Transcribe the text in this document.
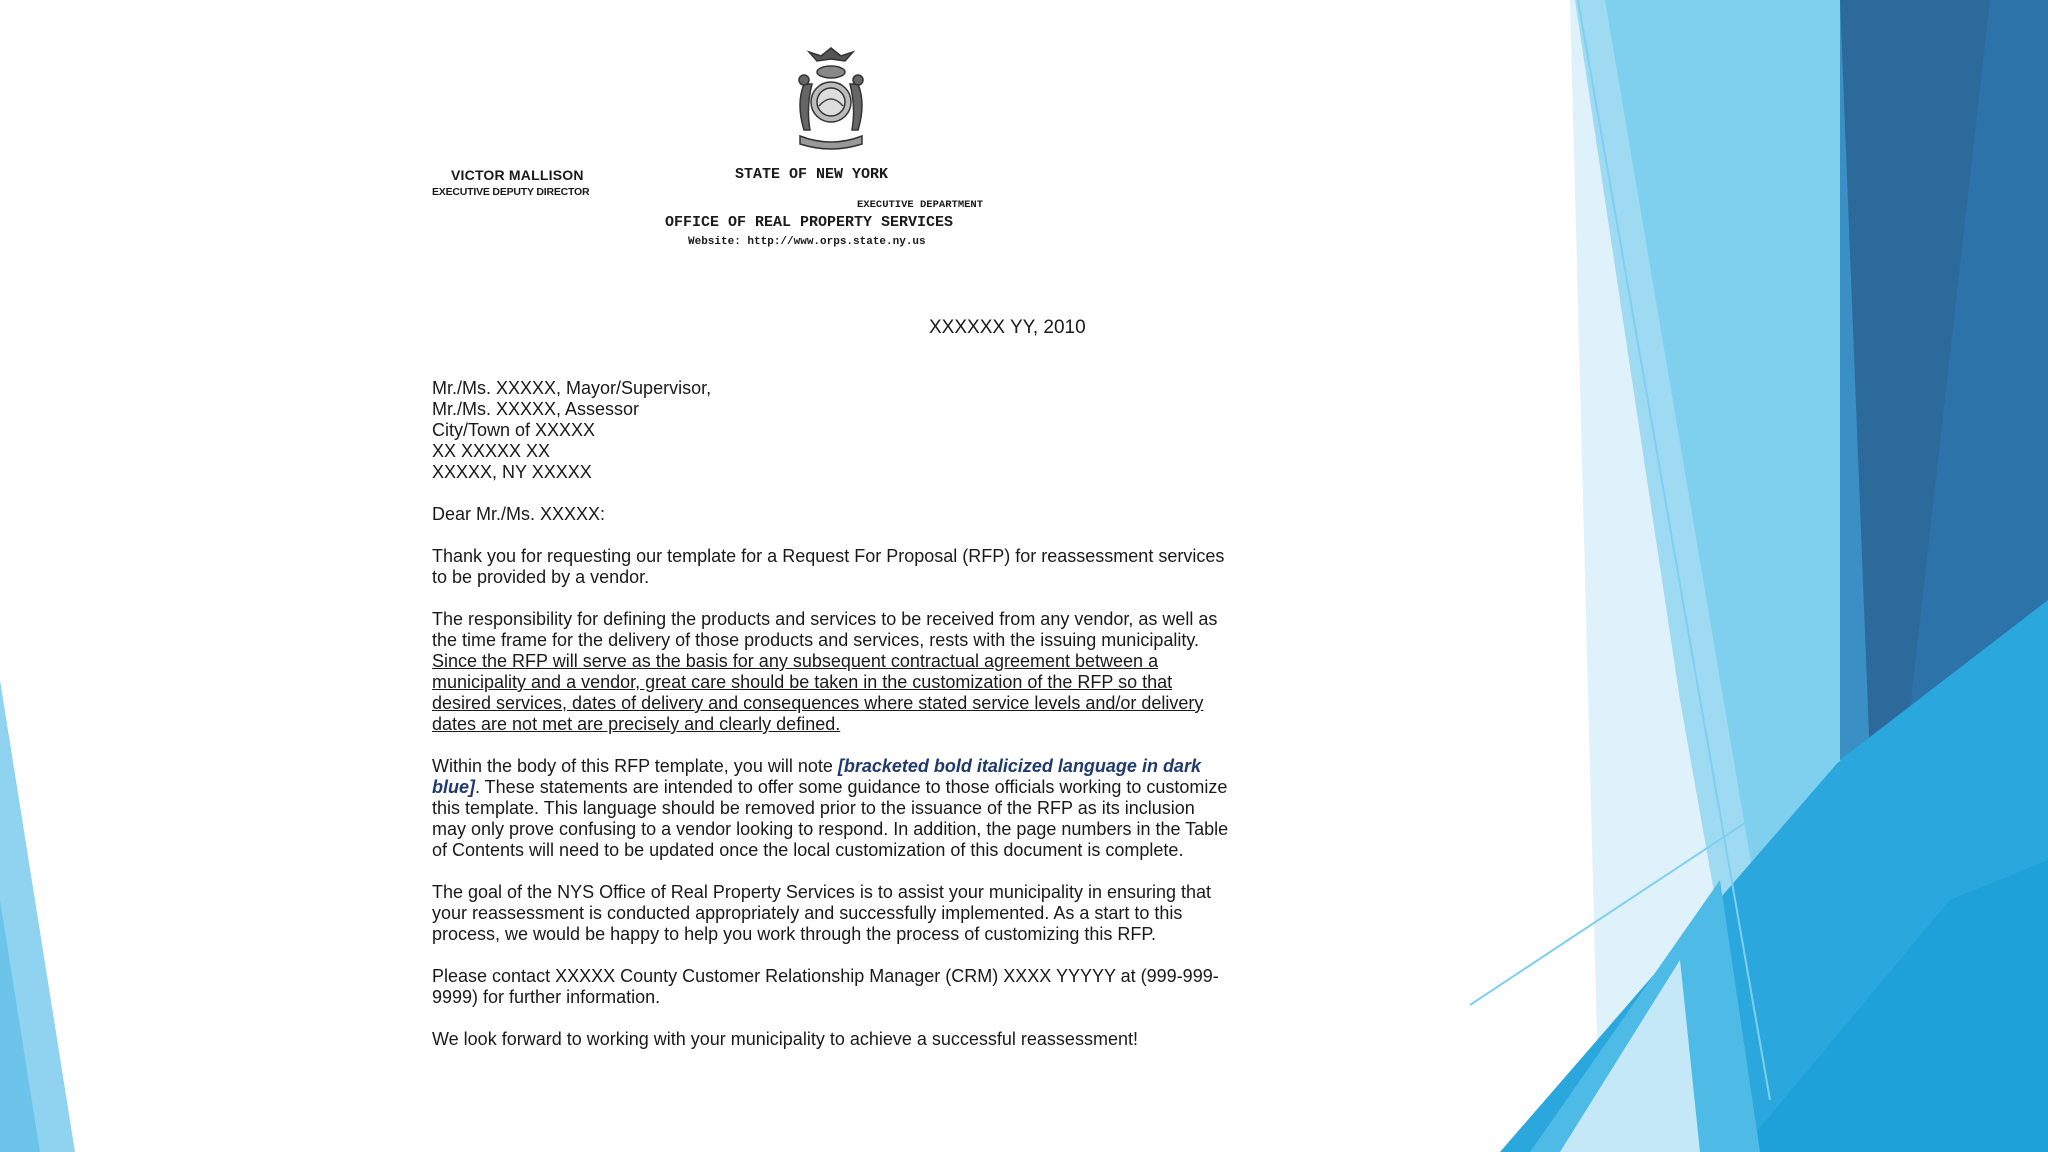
VICTOR MALLISON
EXECUTIVE DEPUTY DIRECTOR
STATE OF NEW YORK
EXECUTIVE DEPARTMENT
OFFICE OF REAL PROPERTY SERVICES
Website: http://www.orps.state.ny.us
XXXXXX YY, 2010

Mr./Ms. XXXXX, Mayor/Supervisor,
Mr./Ms. XXXXX, Assessor
City/Town of XXXXX
XX XXXXX XX
XXXXX, NY XXXXX

Dear Mr./Ms. XXXXX:

Thank you for requesting our template for a Request For Proposal (RFP) for reassessment services to be provided by a vendor.

The responsibility for defining the products and services to be received from any vendor, as well as the time frame for the delivery of those products and services, rests with the issuing municipality. Since the RFP will serve as the basis for any subsequent contractual agreement between a municipality and a vendor, great care should be taken in the customization of the RFP so that desired services, dates of delivery and consequences where stated service levels and/or delivery dates are not met are precisely and clearly defined.

Within the body of this RFP template, you will note [bracketed bold italicized language in dark blue]. These statements are intended to offer some guidance to those officials working to customize this template. This language should be removed prior to the issuance of the RFP as its inclusion may only prove confusing to a vendor looking to respond. In addition, the page numbers in the Table of Contents will need to be updated once the local customization of this document is complete.

The goal of the NYS Office of Real Property Services is to assist your municipality in ensuring that your reassessment is conducted appropriately and successfully implemented. As a start to this process, we would be happy to help you work through the process of customizing this RFP.

Please contact XXXXX County Customer Relationship Manager (CRM) XXXX YYYYY at (999-999-9999) for further information.

We look forward to working with your municipality to achieve a successful reassessment!
